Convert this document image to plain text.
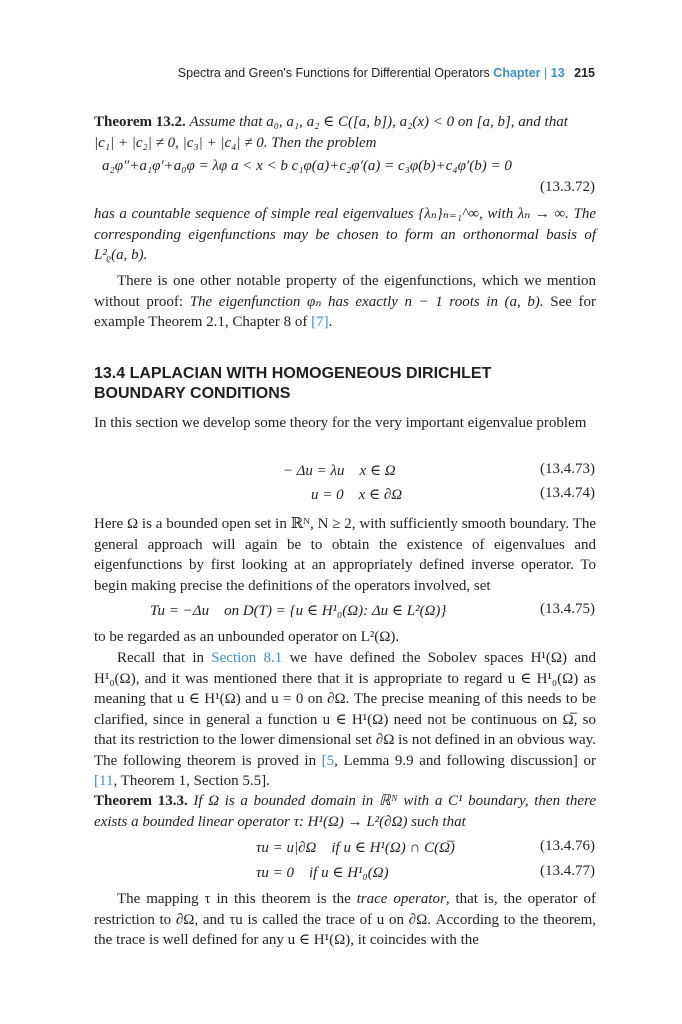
Spectra and Green's Functions for Differential Operators Chapter | 13 215
Theorem 13.2. Assume that a₀, a₁, a₂ ∈ C([a, b]), a₂(x) < 0 on [a, b], and that
|c₁| + |c₂| ≠ 0, |c₃| + |c₄| ≠ 0. Then the problem
a₂φ″+a₁φ′+a₀φ = λφ a < x < b c₁φ(a)+c₂φ′(a) = c₃φ(b)+c₄φ′(b) = 0
(13.3.72)
has a countable sequence of simple real eigenvalues {λₙ}ₙ₌₁^∞, with λₙ → ∞. The corresponding eigenfunctions may be chosen to form an orthonormal basis of L²ᵨ(a, b).
There is one other notable property of the eigenfunctions, which we mention without proof: The eigenfunction φₙ has exactly n − 1 roots in (a, b). See for example Theorem 2.1, Chapter 8 of [7].
13.4 LAPLACIAN WITH HOMOGENEOUS DIRICHLET
BOUNDARY CONDITIONS
In this section we develop some theory for the very important eigenvalue problem
− Δu = λu x ∈ Ω	(13.4.73)
u = 0 x ∈ ∂Ω	(13.4.74)
Here Ω is a bounded open set in ℝᴺ, N ≥ 2, with sufficiently smooth boundary. The general approach will again be to obtain the existence of eigenvalues and eigenfunctions by first looking at an appropriately defined inverse operator. To begin making precise the definitions of the operators involved, set
Tu = −Δu on D(T) = {u ∈ H¹₀(Ω): Δu ∈ L²(Ω)}	(13.4.75)
to be regarded as an unbounded operator on L²(Ω).
Recall that in Section 8.1 we have defined the Sobolev spaces H¹(Ω) and H¹₀(Ω), and it was mentioned there that it is appropriate to regard u ∈ H¹₀(Ω) as meaning that u ∈ H¹(Ω) and u = 0 on ∂Ω. The precise meaning of this needs to be clarified, since in general a function u ∈ H¹(Ω) need not be continuous on Ω̅, so that its restriction to the lower dimensional set ∂Ω is not defined in an obvious way. The following theorem is proved in [5, Lemma 9.9 and following discussion] or [11, Theorem 1, Section 5.5].
Theorem 13.3. If Ω is a bounded domain in ℝᴺ with a C¹ boundary, then there exists a bounded linear operator τ: H¹(Ω) → L²(∂Ω) such that
τu = u|∂Ω if u ∈ H¹(Ω) ∩ C(Ω̅)	(13.4.76)
τu = 0 if u ∈ H¹₀(Ω)	(13.4.77)
The mapping τ in this theorem is the trace operator, that is, the operator of restriction to ∂Ω, and τu is called the trace of u on ∂Ω. According to the theorem, the trace is well defined for any u ∈ H¹(Ω), it coincides with the
